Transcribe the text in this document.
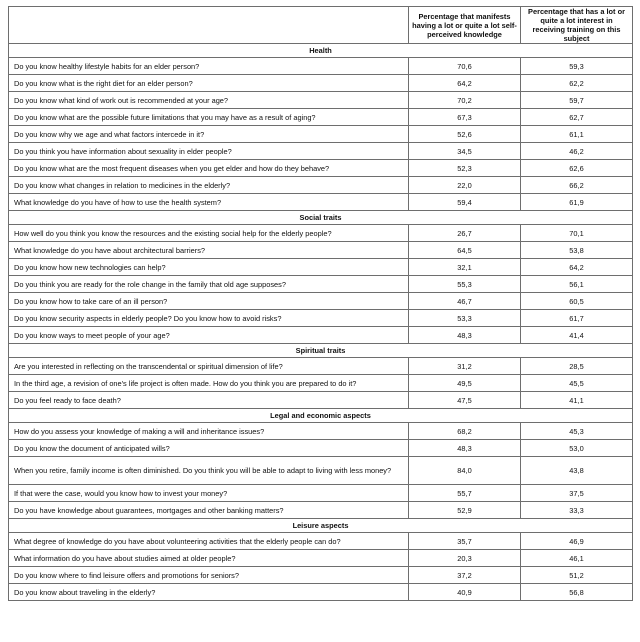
	Percentage that manifests having a lot or quite a lot self-perceived knowledge	Percentage that has a lot or quite a lot interest in receiving training on this subject
Health		
Do you know healthy lifestyle habits for an elder person?	70,6	59,3
Do you know what is the right diet for an elder person?	64,2	62,2
Do you know what kind of work out is recommended at your age?	70,2	59,7
Do you know what are the possible future limitations that you may have as a result of aging?	67,3	62,7
Do you know why we age and what factors intercede in it?	52,6	61,1
Do you think you have information about sexuality in elder people?	34,5	46,2
Do you know what are the most frequent diseases when you get elder and how do they behave?	52,3	62,6
Do you know what changes in relation to medicines in the elderly?	22,0	66,2
What knowledge do you have of how to use the health system?	59,4	61,9
Social traits		
How well do you think you know the resources and the existing social help for the elderly people?	26,7	70,1
What knowledge do you have about architectural barriers?	64,5	53,8
Do you know how new technologies can help?	32,1	64,2
Do you think you are ready for the role change in the family that old age supposes?	55,3	56,1
Do you know how to take care of an ill person?	46,7	60,5
Do you know security aspects in elderly people? Do you know how to avoid risks?	53,3	61,7
Do you know ways to meet people of your age?	48,3	41,4
Spiritual traits		
Are you interested in reflecting on the transcendental or spiritual dimension of life?	31,2	28,5
In the third age, a revision of one's life project is often made. How do you think you are prepared to do it?	49,5	45,5
Do you feel ready to face death?	47,5	41,1
Legal and economic aspects		
How do you assess your knowledge of making a will and inheritance issues?	68,2	45,3
Do you know the document of anticipated wills?	48,3	53,0
When you retire, family income is often diminished. Do you think you will be able to adapt to living with less money?	84,0	43,8
If that were the case, would you know how to invest your money?	55,7	37,5
Do you have knowledge about guarantees, mortgages and other banking matters?	52,9	33,3
Leisure aspects		
What degree of knowledge do you have about volunteering activities that the elderly people can do?	35,7	46,9
What information do you have about studies aimed at older people?	20,3	46,1
Do you know where to find leisure offers and promotions for seniors?	37,2	51,2
Do you know about traveling in the elderly?	40,9	56,8
